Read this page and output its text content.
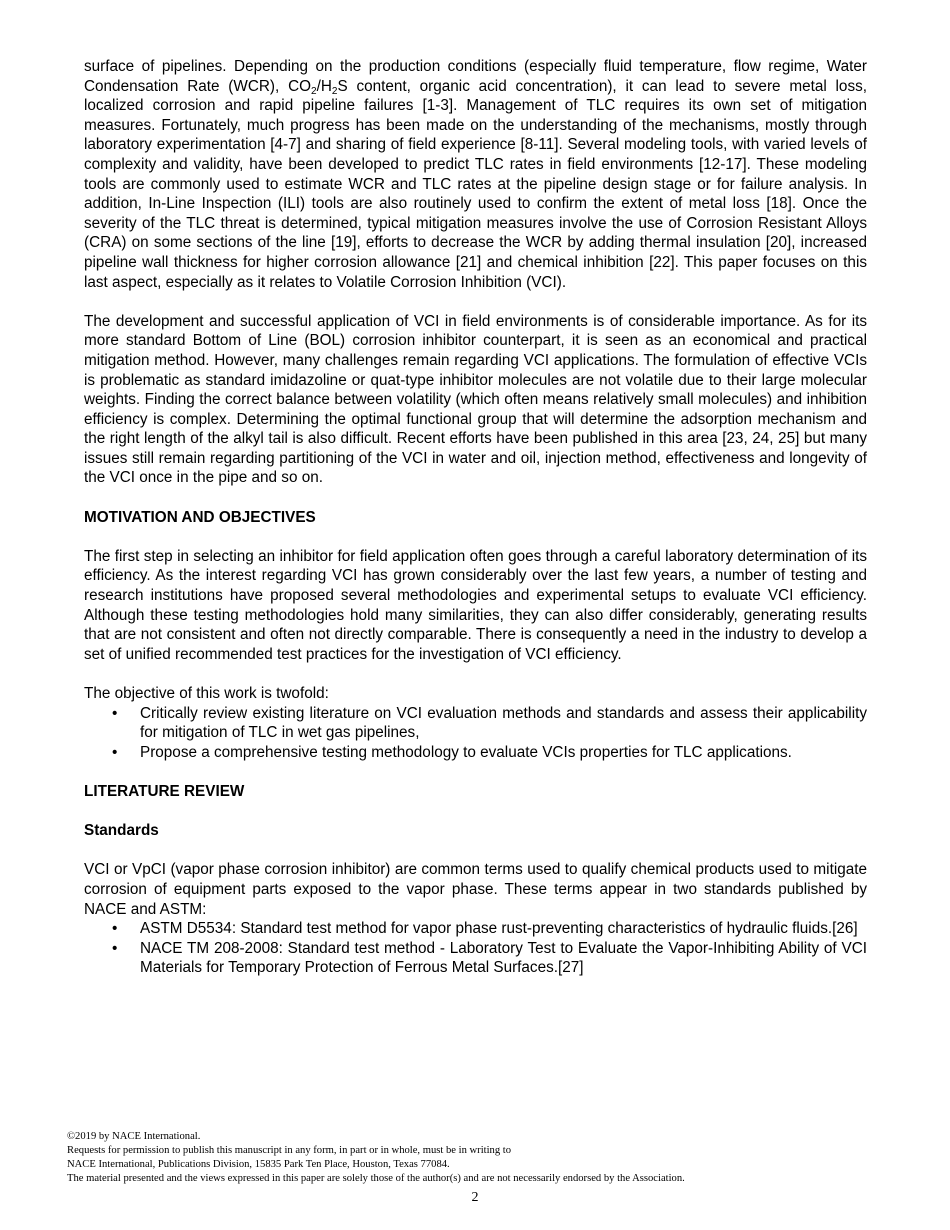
surface of pipelines. Depending on the production conditions (especially fluid temperature, flow regime, Water Condensation Rate (WCR), $CO_2/H_2S$ content, organic acid concentration), it can lead to severe metal loss, localized corrosion and rapid pipeline failures [1-3]. Management of TLC requires its own set of mitigation measures. Fortunately, much progress has been made on the understanding of the mechanisms, mostly through laboratory experimentation [4-7] and sharing of field experience [8-11]. Several modeling tools, with varied levels of complexity and validity, have been developed to predict TLC rates in field environments [12-17]. These modeling tools are commonly used to estimate WCR and TLC rates at the pipeline design stage or for failure analysis. In addition, In-Line Inspection (ILI) tools are also routinely used to confirm the extent of metal loss [18]. Once the severity of the TLC threat is determined, typical mitigation measures involve the use of Corrosion Resistant Alloys (CRA) on some sections of the line [19], efforts to decrease the WCR by adding thermal insulation [20], increased pipeline wall thickness for higher corrosion allowance [21] and chemical inhibition [22]. This paper focuses on this last aspect, especially as it relates to Volatile Corrosion Inhibition (VCI).

The development and successful application of VCI in field environments is of considerable importance. As for its more standard Bottom of Line (BOL) corrosion inhibitor counterpart, it is seen as an economical and practical mitigation method. However, many challenges remain regarding VCI applications. The formulation of effective VCIs is problematic as standard imidazoline or quat-type inhibitor molecules are not volatile due to their large molecular weights. Finding the correct balance between volatility (which often means relatively small molecules) and inhibition efficiency is complex. Determining the optimal functional group that will determine the adsorption mechanism and the right length of the alkyl tail is also difficult. Recent efforts have been published in this area [23, 24, 25] but many issues still remain regarding partitioning of the VCI in water and oil, injection method, effectiveness and longevity of the VCI once in the pipe and so on.

MOTIVATION AND OBJECTIVES

The first step in selecting an inhibitor for field application often goes through a careful laboratory determination of its efficiency. As the interest regarding VCI has grown considerably over the last few years, a number of testing and research institutions have proposed several methodologies and experimental setups to evaluate VCI efficiency. Although these testing methodologies hold many similarities, they can also differ considerably, generating results that are not consistent and often not directly comparable. There is consequently a need in the industry to develop a set of unified recommended test practices for the investigation of VCI efficiency.

The objective of this work is twofold:

• Critically review existing literature on VCI evaluation methods and standards and assess their applicability for mitigation of TLC in wet gas pipelines,
• Propose a comprehensive testing methodology to evaluate VCIs properties for TLC applications.
LITERATURE REVIEW
Standards

VCI or VpCI (vapor phase corrosion inhibitor) are common terms used to qualify chemical products used to mitigate corrosion of equipment parts exposed to the vapor phase. These terms appear in two standards published by NACE and ASTM:

• ASTM D5534: Standard test method for vapor phase rust-preventing characteristics of hydraulic fluids.[26]
• NACE TM 208-2008: Standard test method - Laboratory Test to Evaluate the Vapor-Inhibiting Ability of VCI Materials for Temporary Protection of Ferrous Metal Surfaces.[27]
©2019 by NACE International.
Requests for permission to publish this manuscript in any form, in part or in whole, must be in writing to
NACE International, Publications Division, 15835 Park Ten Place, Houston, Texas 77084.
The material presented and the views expressed in this paper are solely those of the author(s) and are not necessarily endorsed by the Association.
2
